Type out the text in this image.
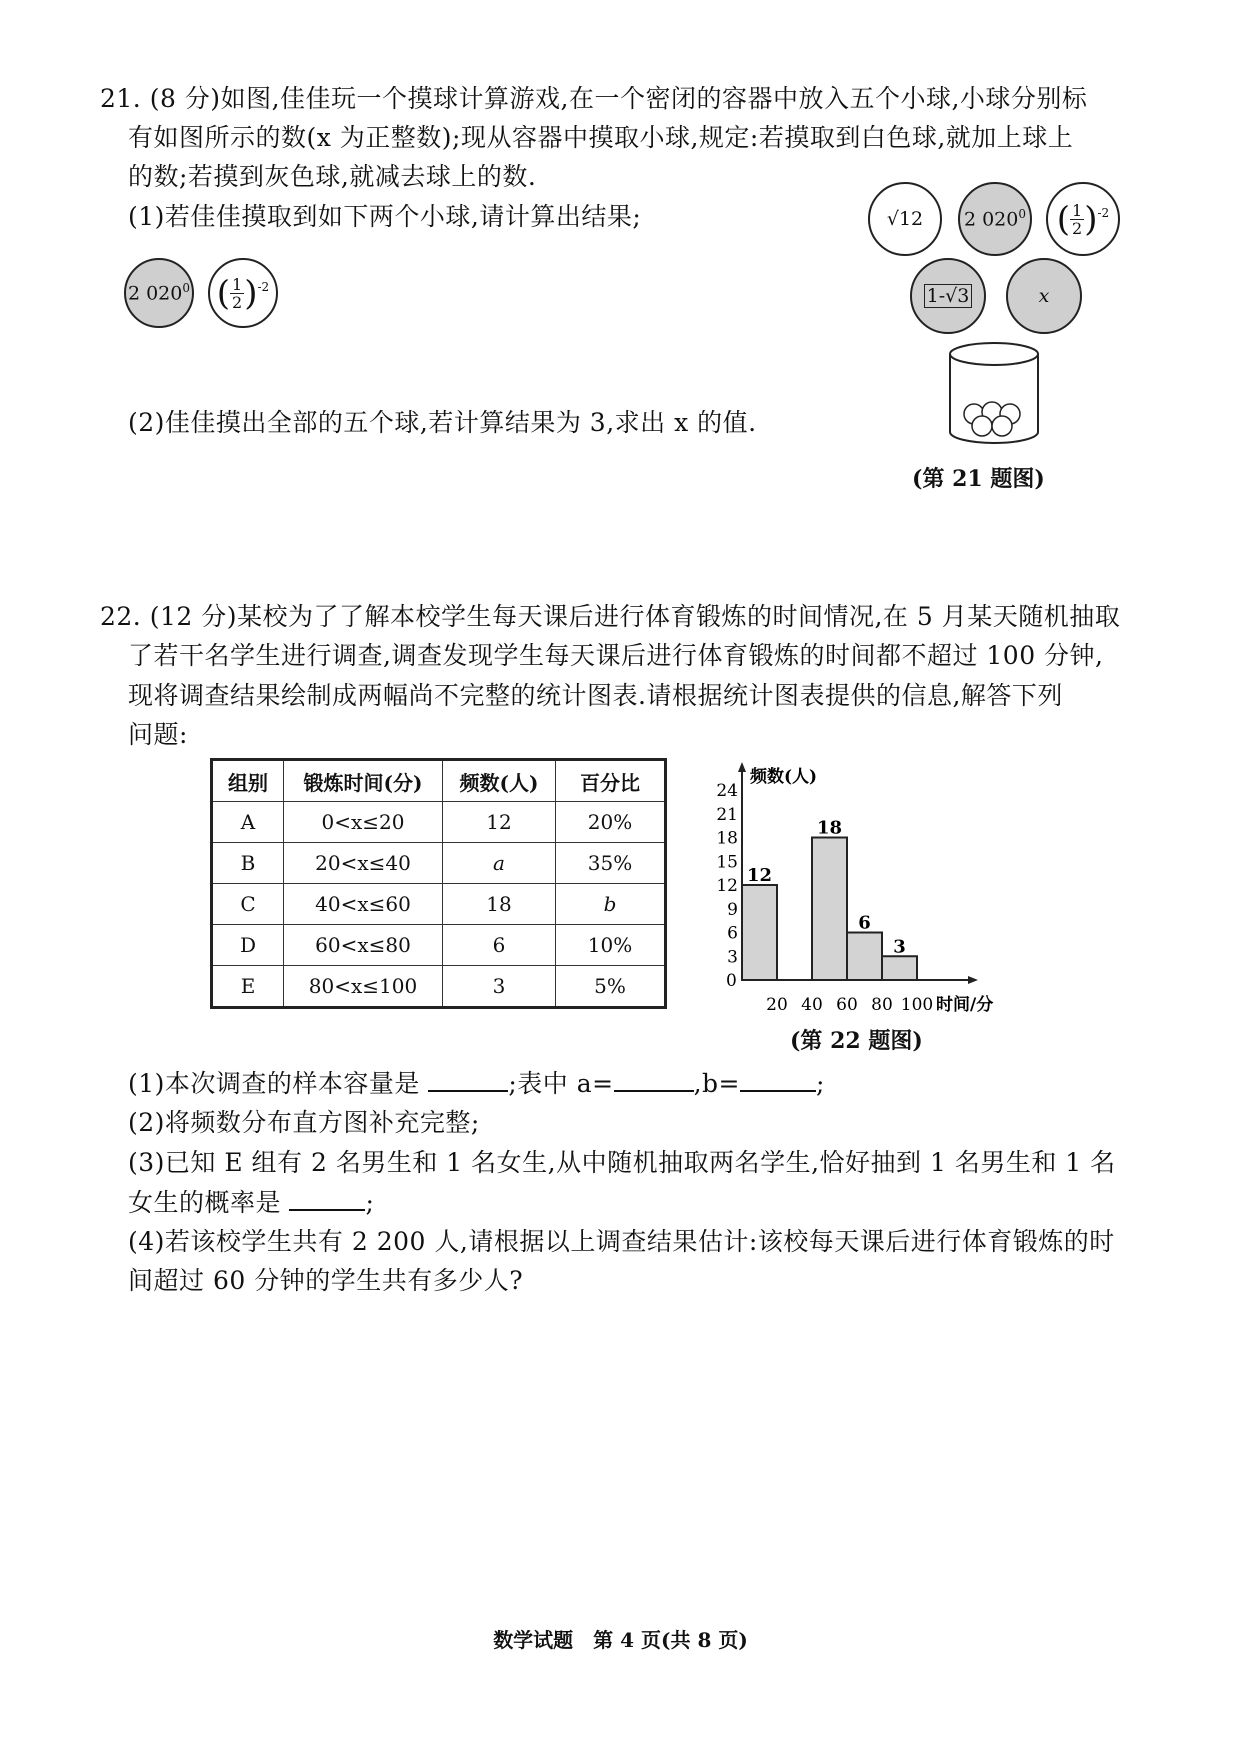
21. (8 分)如图,佳佳玩一个摸球计算游戏,在一个密闭的容器中放入五个小球,小球分别标
有如图所示的数(x 为正整数);现从容器中摸取小球,规定:若摸取到白色球,就加上球上
的数;若摸到灰色球,就减去球上的数.
(1)若佳佳摸取到如下两个小球,请计算出结果;
2 $020^0$ ( $\frac{1}{2} )^{-2}$
(2)佳佳摸出全部的五个球,若计算结果为 3,求出 x 的值.
√12 2 $020^0$ ( $\frac{1}{2} )^{-2}$
1-√3	x
(第 21 题图)
22. (12 分)某校为了了解本校学生每天课后进行体育锻炼的时间情况,在 5 月某天随机抽取
了若干名学生进行调查,调查发现学生每天课后进行体育锻炼的时间都不超过 100 分钟,
现将调查结果绘制成两幅尚不完整的统计图表.请根据统计图表提供的信息,解答下列
问题:
组别	锻炼时间(分)	频数(人)	百分比
A	0<x≤20	12	20%
B	20<x≤40	a	35%
C	40<x≤60	18	b
D	60<x≤80	6	10%
E	80<x≤100	3	5%
频数(人)
时间/分
0
3
6
9
12
15
18
21
24
20 40 60 80 100
12
18
6
3
(第 22 题图)
(1)本次调查的样本容量是	;表中 a=	,b=	;
(2)将频数分布直方图补充完整;
(3)已知 E 组有 2 名男生和 1 名女生,从中随机抽取两名学生,恰好抽到 1 名男生和 1 名
女生的概率是	;
(4)若该校学生共有 2 200 人,请根据以上调查结果估计:该校每天课后进行体育锻炼的时
间超过 60 分钟的学生共有多少人?
数学试题　第 4 页(共 8 页)
